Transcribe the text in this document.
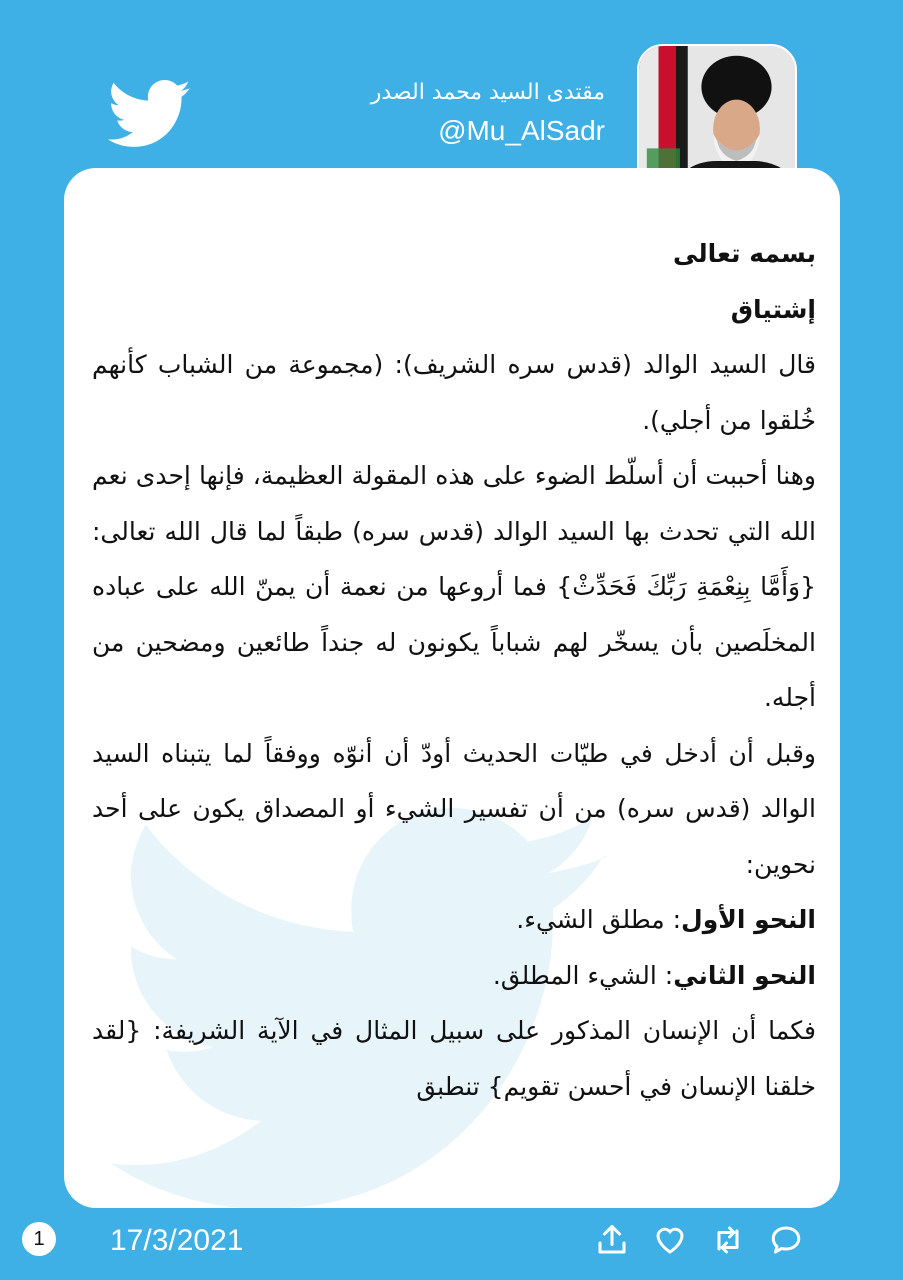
مقتدى السيد محمد الصدر
@Mu_AlSadr

بسمه تعالى

إشتياق

قال السيد الوالد (قدس سره الشريف): (مجموعة من الشباب كأنهم خُلقوا من أجلي).

وهنا أحببت أن أسلّط الضوء على هذه المقولة العظيمة، فإنها إحدى نعم الله التي تحدث بها السيد الوالد (قدس سره) طبقاً لما قال الله تعالى: {وَأَمَّا بِنِعْمَةِ رَبِّكَ فَحَدِّثْ} فما أروعها من نعمة أن يمنّ الله على عباده المخلَصين بأن يسخّر لهم شباباً يكونون له جنداً طائعين ومضحين من أجله.

وقبل أن أدخل في طيّات الحديث أودّ أن أنوّه ووفقاً لما يتبناه السيد الوالد (قدس سره) من أن تفسير الشيء أو المصداق يكون على أحد نحوين:

النحو الأول: مطلق الشيء.

النحو الثاني: الشيء المطلق.

فكما أن الإنسان المذكور على سبيل المثال في الآية الشريفة: {لقد خلقنا الإنسان في أحسن تقويم} تنطبق

1	17/3/2021
